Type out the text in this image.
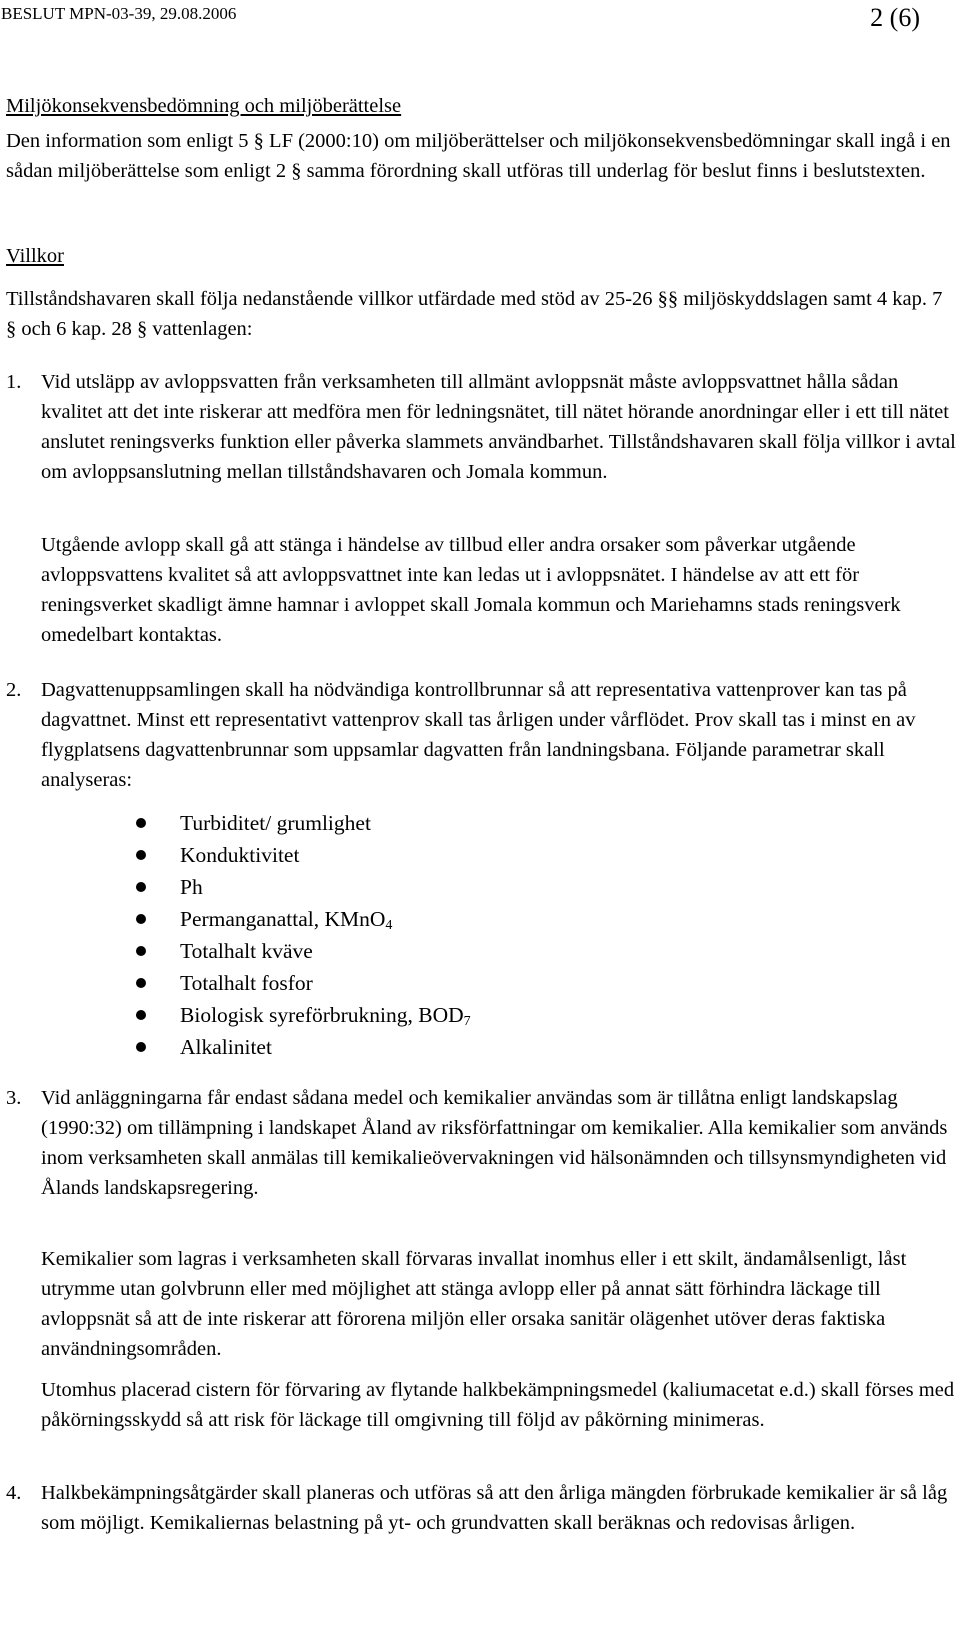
BESLUT MPN-03-39, 29.08.2006	2 (6)
Miljökonsekvensbedömning och miljöberättelse
Den information som enligt 5 § LF (2000:10) om miljöberättelser och miljökonsekvensbedömningar skall ingå i en sådan miljöberättelse som enligt 2 § samma förordning skall utföras till underlag för beslut finns i beslutstexten.
Villkor
Tillståndshavaren skall följa nedanstående villkor utfärdade med stöd av 25-26 §§ miljöskyddslagen samt 4 kap. 7 § och 6 kap. 28 § vattenlagen:
1. Vid utsläpp av avloppsvatten från verksamheten till allmänt avloppsnät måste avloppsvattnet hålla sådan kvalitet att det inte riskerar att medföra men för ledningsnätet, till nätet hörande anordningar eller i ett till nätet anslutet reningsverks funktion eller påverka slammets användbarhet. Tillståndshavaren skall följa villkor i avtal om avloppsanslutning mellan tillståndshavaren och Jomala kommun.

Utgående avlopp skall gå att stänga i händelse av tillbud eller andra orsaker som påverkar utgående avloppsvattens kvalitet så att avloppsvattnet inte kan ledas ut i avloppsnätet. I händelse av att ett för reningsverket skadligt ämne hamnar i avloppet skall Jomala kommun och Mariehamns stads reningsverk omedelbart kontaktas.

2. Dagvattenuppsamlingen skall ha nödvändiga kontrollbrunnar så att representativa vattenprover kan tas på dagvattnet. Minst ett representativt vattenprov skall tas årligen under vårflödet. Prov skall tas i minst en av flygplatsens dagvattenbrunnar som uppsamlar dagvatten från landningsbana. Följande parametrar skall analyseras:

Turbiditet/ grumlighet
Konduktivitet
Ph
Permanganattal, KMnO$_4$
Totalhalt kväve
Totalhalt fosfor
Biologisk syreförbrukning, $BOD_7$
Alkalinitet
3. Vid anläggningarna får endast sådana medel och kemikalier användas som är tillåtna enligt landskapslag (1990:32) om tillämpning i landskapet Åland av riksförfattningar om kemikalier. Alla kemikalier som används inom verksamheten skall anmälas till kemikalieövervakningen vid hälsonämnden och tillsynsmyndigheten vid Ålands landskapsregering.

Kemikalier som lagras i verksamheten skall förvaras invallat inomhus eller i ett skilt, ändamålsenligt, låst utrymme utan golvbrunn eller med möjlighet att stänga avlopp eller på annat sätt förhindra läckage till avloppsnät så att de inte riskerar att förorena miljön eller orsaka sanitär olägenhet utöver deras faktiska användningsområden.

Utomhus placerad cistern för förvaring av flytande halkbekämpningsmedel (kaliumacetat e.d.) skall förses med påkörningsskydd så att risk för läckage till omgivning till följd av påkörning minimeras.

4. Halkbekämpningsåtgärder skall planeras och utföras så att den årliga mängden förbrukade kemikalier är så låg som möjligt. Kemikaliernas belastning på yt- och grundvatten skall beräknas och redovisas årligen.
